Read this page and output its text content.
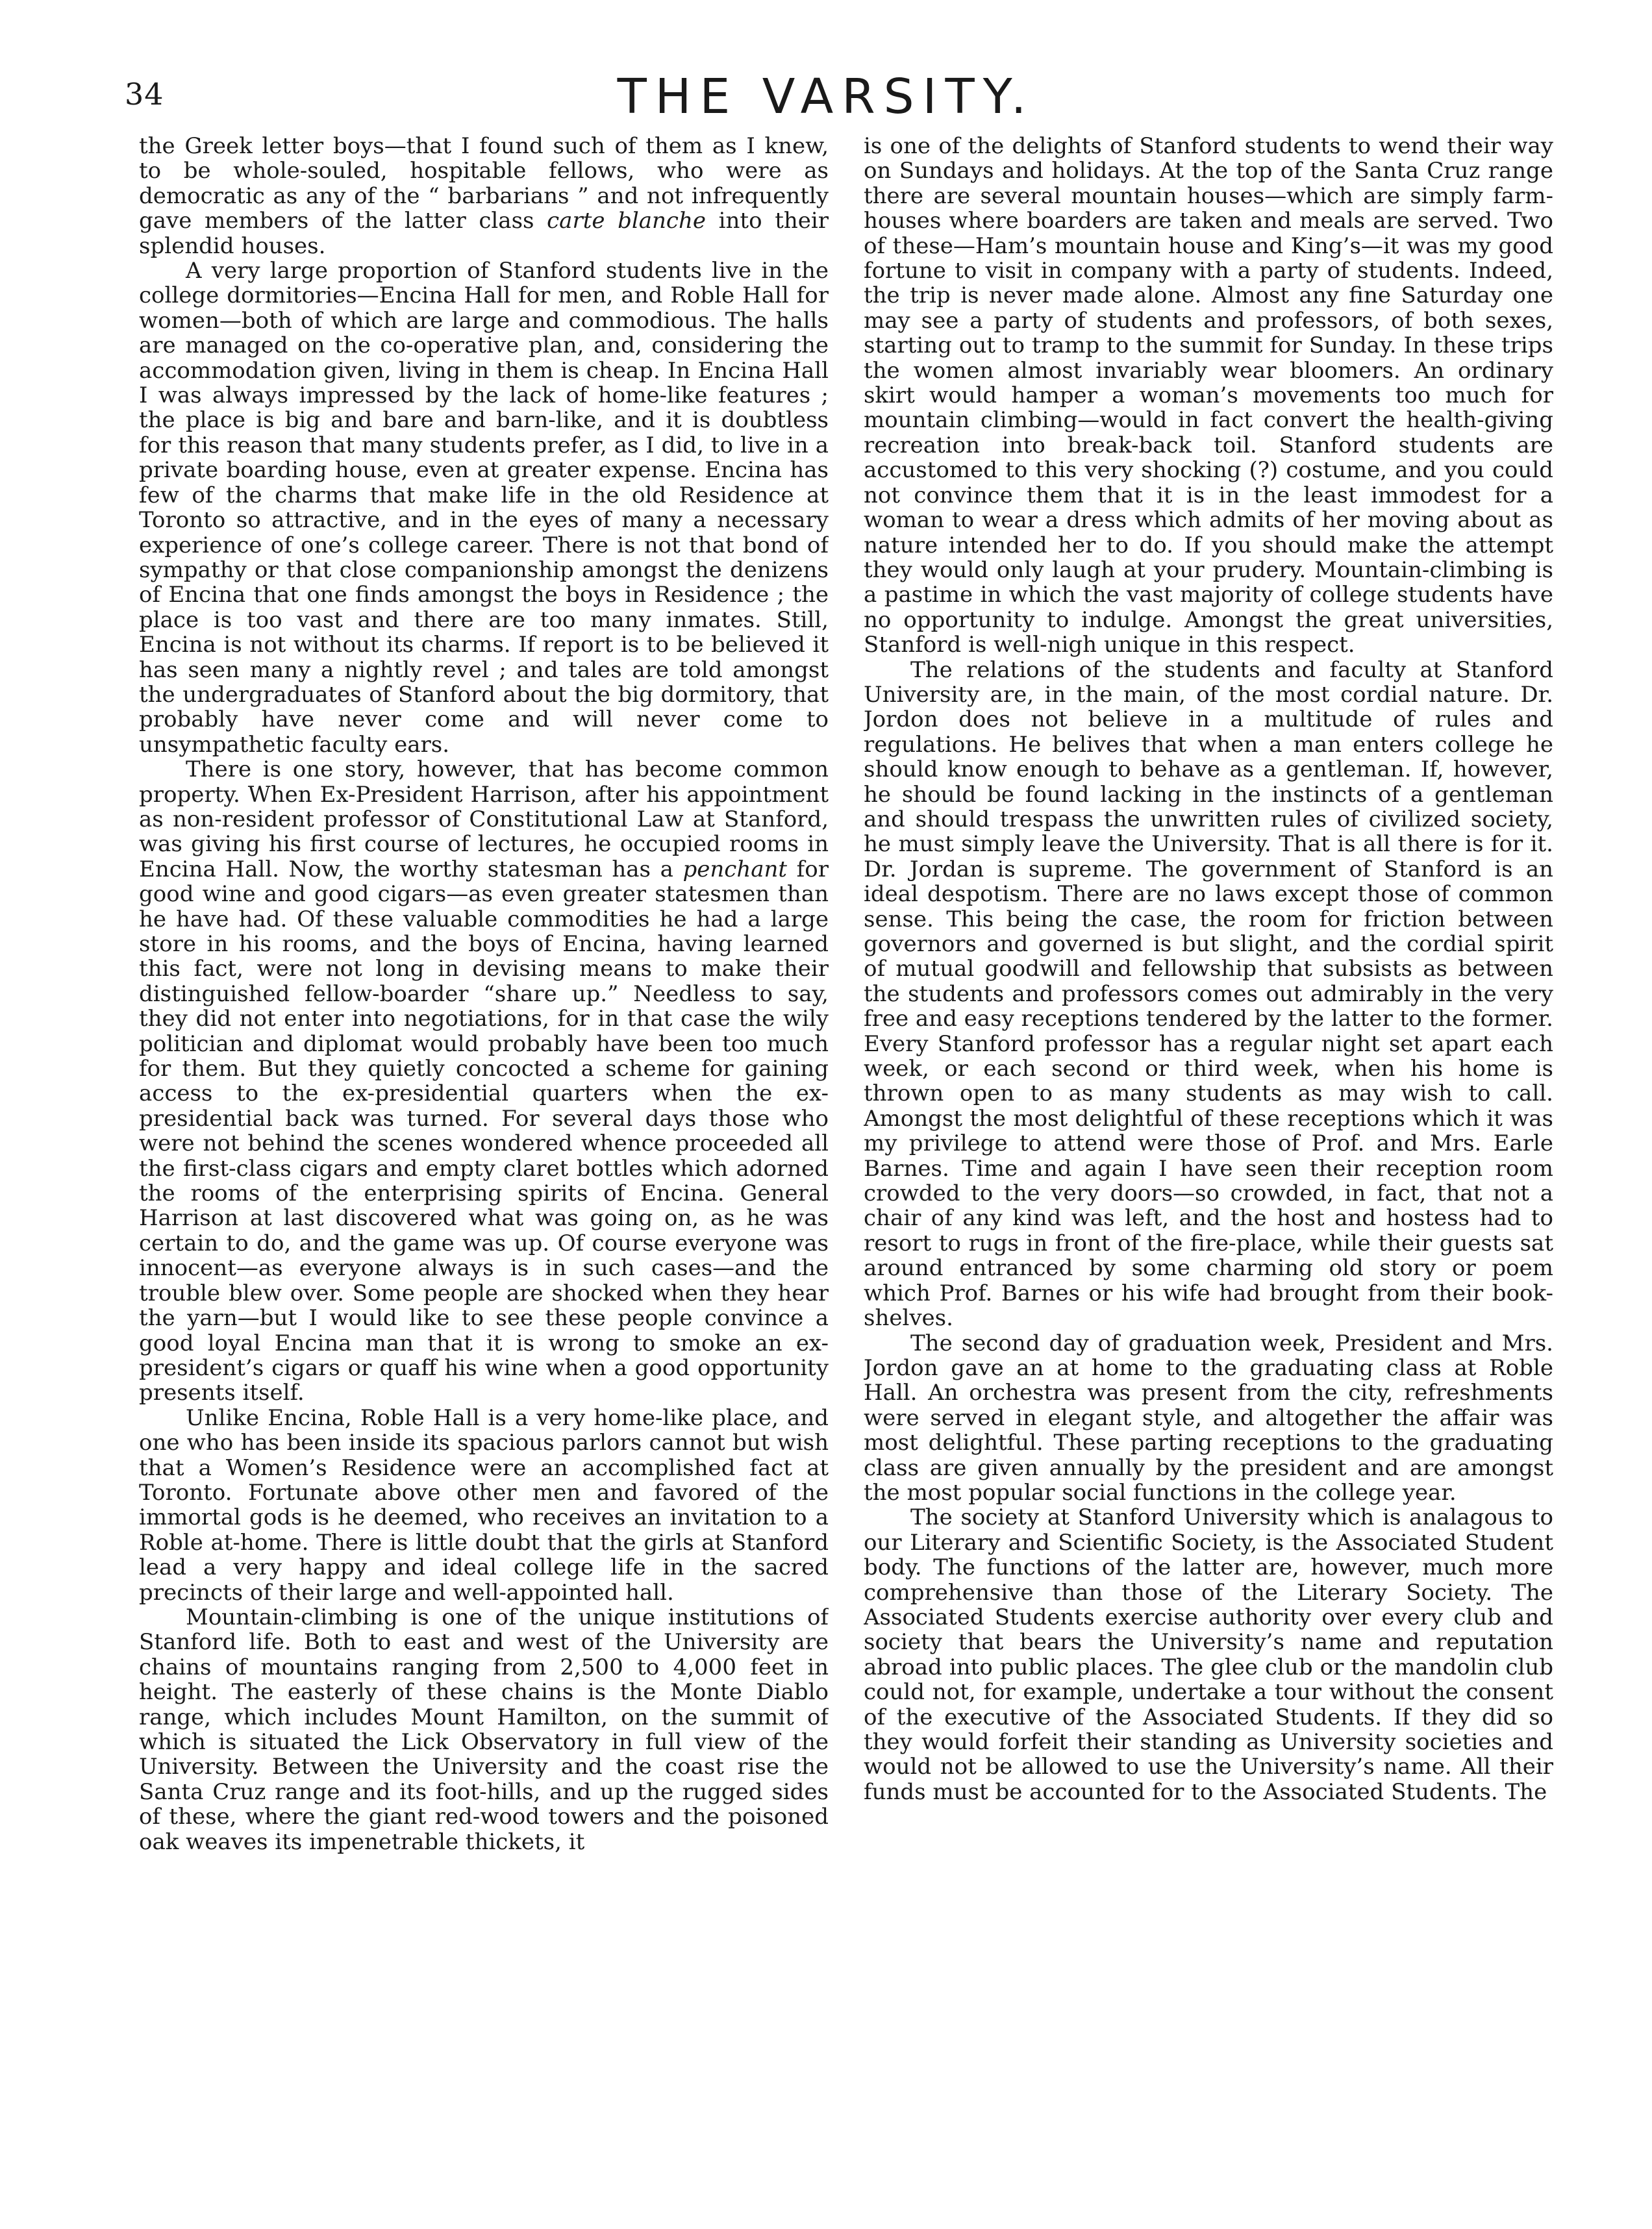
34	THE VARSITY.

the Greek letter boys—that I found such of them as I knew, to be whole-souled, hospitable fellows, who were as democratic as any of the “ barbarians ” and not infrequently gave members of the latter class carte blanche into their splendid houses.

A very large proportion of Stanford students live in the college dormitories—Encina Hall for men, and Roble Hall for women—both of which are large and commodious. The halls are managed on the co-operative plan, and, considering the accommodation given, living in them is cheap. In Encina Hall I was always impressed by the lack of home-like features ; the place is big and bare and barn-like, and it is doubtless for this reason that many students prefer, as I did, to live in a private boarding house, even at greater expense. Encina has few of the charms that make life in the old Residence at Toronto so attractive, and in the eyes of many a necessary experience of one’s college career. There is not that bond of sympathy or that close companionship amongst the denizens of Encina that one finds amongst the boys in Residence ; the place is too vast and there are too many inmates. Still, Encina is not without its charms. If report is to be believed it has seen many a nightly revel ; and tales are told amongst the undergraduates of Stanford about the big dormitory, that probably have never come and will never come to unsympathetic faculty ears.

There is one story, however, that has become common property. When Ex-President Harrison, after his appointment as non-resident professor of Constitutional Law at Stanford, was giving his first course of lectures, he occupied rooms in Encina Hall. Now, the worthy statesman has a penchant for good wine and good cigars—as even greater statesmen than he have had. Of these valuable commodities he had a large store in his rooms, and the boys of Encina, having learned this fact, were not long in devising means to make their distinguished fellow-boarder “share up.” Needless to say, they did not enter into negotiations, for in that case the wily politician and diplomat would probably have been too much for them. But they quietly concocted a scheme for gaining access to the ex-presidential quarters when the ex-presidential back was turned. For several days those who were not behind the scenes wondered whence proceeded all the first-class cigars and empty claret bottles which adorned the rooms of the enterprising spirits of Encina. General Harrison at last discovered what was going on, as he was certain to do, and the game was up. Of course everyone was innocent—as everyone always is in such cases—and the trouble blew over. Some people are shocked when they hear the yarn—but I would like to see these people convince a good loyal Encina man that it is wrong to smoke an ex-president’s cigars or quaff his wine when a good opportunity presents itself.

Unlike Encina, Roble Hall is a very home-like place, and one who has been inside its spacious parlors cannot but wish that a Women’s Residence were an accomplished fact at Toronto. Fortunate above other men and favored of the immortal gods is he deemed, who receives an invitation to a Roble at-home. There is little doubt that the girls at Stanford lead a very happy and ideal college life in the sacred precincts of their large and well-appointed hall.

Mountain-climbing is one of the unique institutions of Stanford life. Both to east and west of the University are chains of mountains ranging from 2,500 to 4,000 feet in height. The easterly of these chains is the Monte Diablo range, which includes Mount Hamilton, on the summit of which is situated the Lick Observatory in full view of the University. Between the University and the coast rise the Santa Cruz range and its foot-hills, and up the rugged sides of these, where the giant red-wood towers and the poisoned oak weaves its impenetrable thickets, it

is one of the delights of Stanford students to wend their way on Sundays and holidays. At the top of the Santa Cruz range there are several mountain houses—which are simply farm-houses where boarders are taken and meals are served. Two of these—Ham’s mountain house and King’s—it was my good fortune to visit in company with a party of students. Indeed, the trip is never made alone. Almost any fine Saturday one may see a party of students and professors, of both sexes, starting out to tramp to the summit for Sunday. In these trips the women almost invariably wear bloomers. An ordinary skirt would hamper a woman’s movements too much for mountain climbing—would in fact convert the health-giving recreation into break-back toil. Stanford students are accustomed to this very shocking (?) costume, and you could not convince them that it is in the least immodest for a woman to wear a dress which admits of her moving about as nature intended her to do. If you should make the attempt they would only laugh at your prudery. Mountain-climbing is a pastime in which the vast majority of college students have no opportunity to indulge. Amongst the great universities, Stanford is well-nigh unique in this respect.

The relations of the students and faculty at Stanford University are, in the main, of the most cordial nature. Dr. Jordon does not believe in a multitude of rules and regulations. He belives that when a man enters college he should know enough to behave as a gentleman. If, however, he should be found lacking in the instincts of a gentleman and should trespass the unwritten rules of civilized society, he must simply leave the University. That is all there is for it. Dr. Jordan is supreme. The government of Stanford is an ideal despotism. There are no laws except those of common sense. This being the case, the room for friction between governors and governed is but slight, and the cordial spirit of mutual goodwill and fellowship that subsists as between the students and professors comes out admirably in the very free and easy receptions tendered by the latter to the former. Every Stanford professor has a regular night set apart each week, or each second or third week, when his home is thrown open to as many students as may wish to call. Amongst the most delightful of these receptions which it was my privilege to attend were those of Prof. and Mrs. Earle Barnes. Time and again I have seen their reception room crowded to the very doors—so crowded, in fact, that not a chair of any kind was left, and the host and hostess had to resort to rugs in front of the fire-place, while their guests sat around entranced by some charming old story or poem which Prof. Barnes or his wife had brought from their book-shelves.

The second day of graduation week, President and Mrs. Jordon gave an at home to the graduating class at Roble Hall. An orchestra was present from the city, refreshments were served in elegant style, and altogether the affair was most delightful. These parting receptions to the graduating class are given annually by the president and are amongst the most popular social functions in the college year.

The society at Stanford University which is analagous to our Literary and Scientific Society, is the Associated Student body. The functions of the latter are, however, much more comprehensive than those of the Literary Society. The Associated Students exercise authority over every club and society that bears the University’s name and reputation abroad into public places. The glee club or the mandolin club could not, for example, undertake a tour without the consent of the executive of the Associated Students. If they did so they would forfeit their standing as University societies and would not be allowed to use the University’s name. All their funds must be accounted for to the Associated Students. The
